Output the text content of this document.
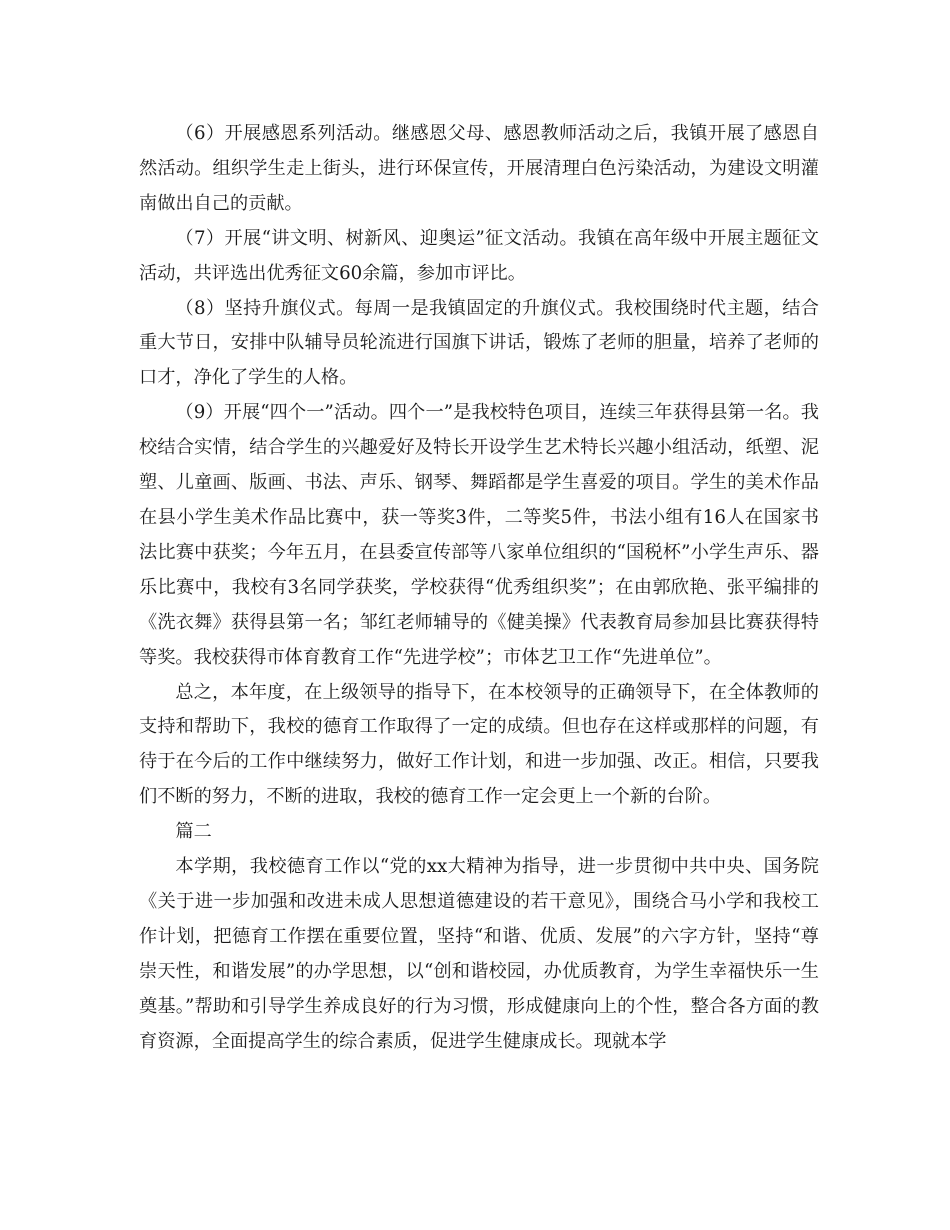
（6）开展感恩系列活动。继感恩父母、感恩教师活动之后，我镇开展了感恩自然活动。组织学生走上街头，进行环保宣传，开展清理白色污染活动，为建设文明灌南做出自己的贡献。

（7）开展“讲文明、树新风、迎奥运”征文活动。我镇在高年级中开展主题征文活动，共评选出优秀征文60余篇，参加市评比。

（8）坚持升旗仪式。每周一是我镇固定的升旗仪式。我校围绕时代主题，结合重大节日，安排中队辅导员轮流进行国旗下讲话，锻炼了老师的胆量，培养了老师的口才，净化了学生的人格。

（9）开展“四个一”活动。四个一”是我校特色项目，连续三年获得县第一名。我校结合实情，结合学生的兴趣爱好及特长开设学生艺术特长兴趣小组活动，纸塑、泥塑、儿童画、版画、书法、声乐、钢琴、舞蹈都是学生喜爱的项目。学生的美术作品在县小学生美术作品比赛中，获一等奖3件，二等奖5件，书法小组有16人在国家书法比赛中获奖；今年五月，在县委宣传部等八家单位组织的“国税杯”小学生声乐、器乐比赛中，我校有3名同学获奖，学校获得“优秀组织奖”；在由郭欣艳、张平编排的《洗衣舞》获得县第一名；邹红老师辅导的《健美操》代表教育局参加县比赛获得特等奖。我校获得市体育教育工作“先进学校”；市体艺卫工作“先进单位”。

总之，本年度，在上级领导的指导下，在本校领导的正确领导下，在全体教师的支持和帮助下，我校的德育工作取得了一定的成绩。但也存在这样或那样的问题，有待于在今后的工作中继续努力，做好工作计划，和进一步加强、改正。相信，只要我们不断的努力，不断的进取，我校的德育工作一定会更上一个新的台阶。

篇二

本学期，我校德育工作以“党的xx大精神为指导，进一步贯彻中共中央、国务院《关于进一步加强和改进未成人思想道德建设的若干意见》，围绕合马小学和我校工作计划，把德育工作摆在重要位置，坚持“和谐、优质、发展”的六字方针，坚持“尊崇天性，和谐发展”的办学思想，以“创和谐校园，办优质教育，为学生幸福快乐一生奠基。”帮助和引导学生养成良好的行为习惯，形成健康向上的个性，整合各方面的教育资源，全面提高学生的综合素质，促进学生健康成长。现就本学
